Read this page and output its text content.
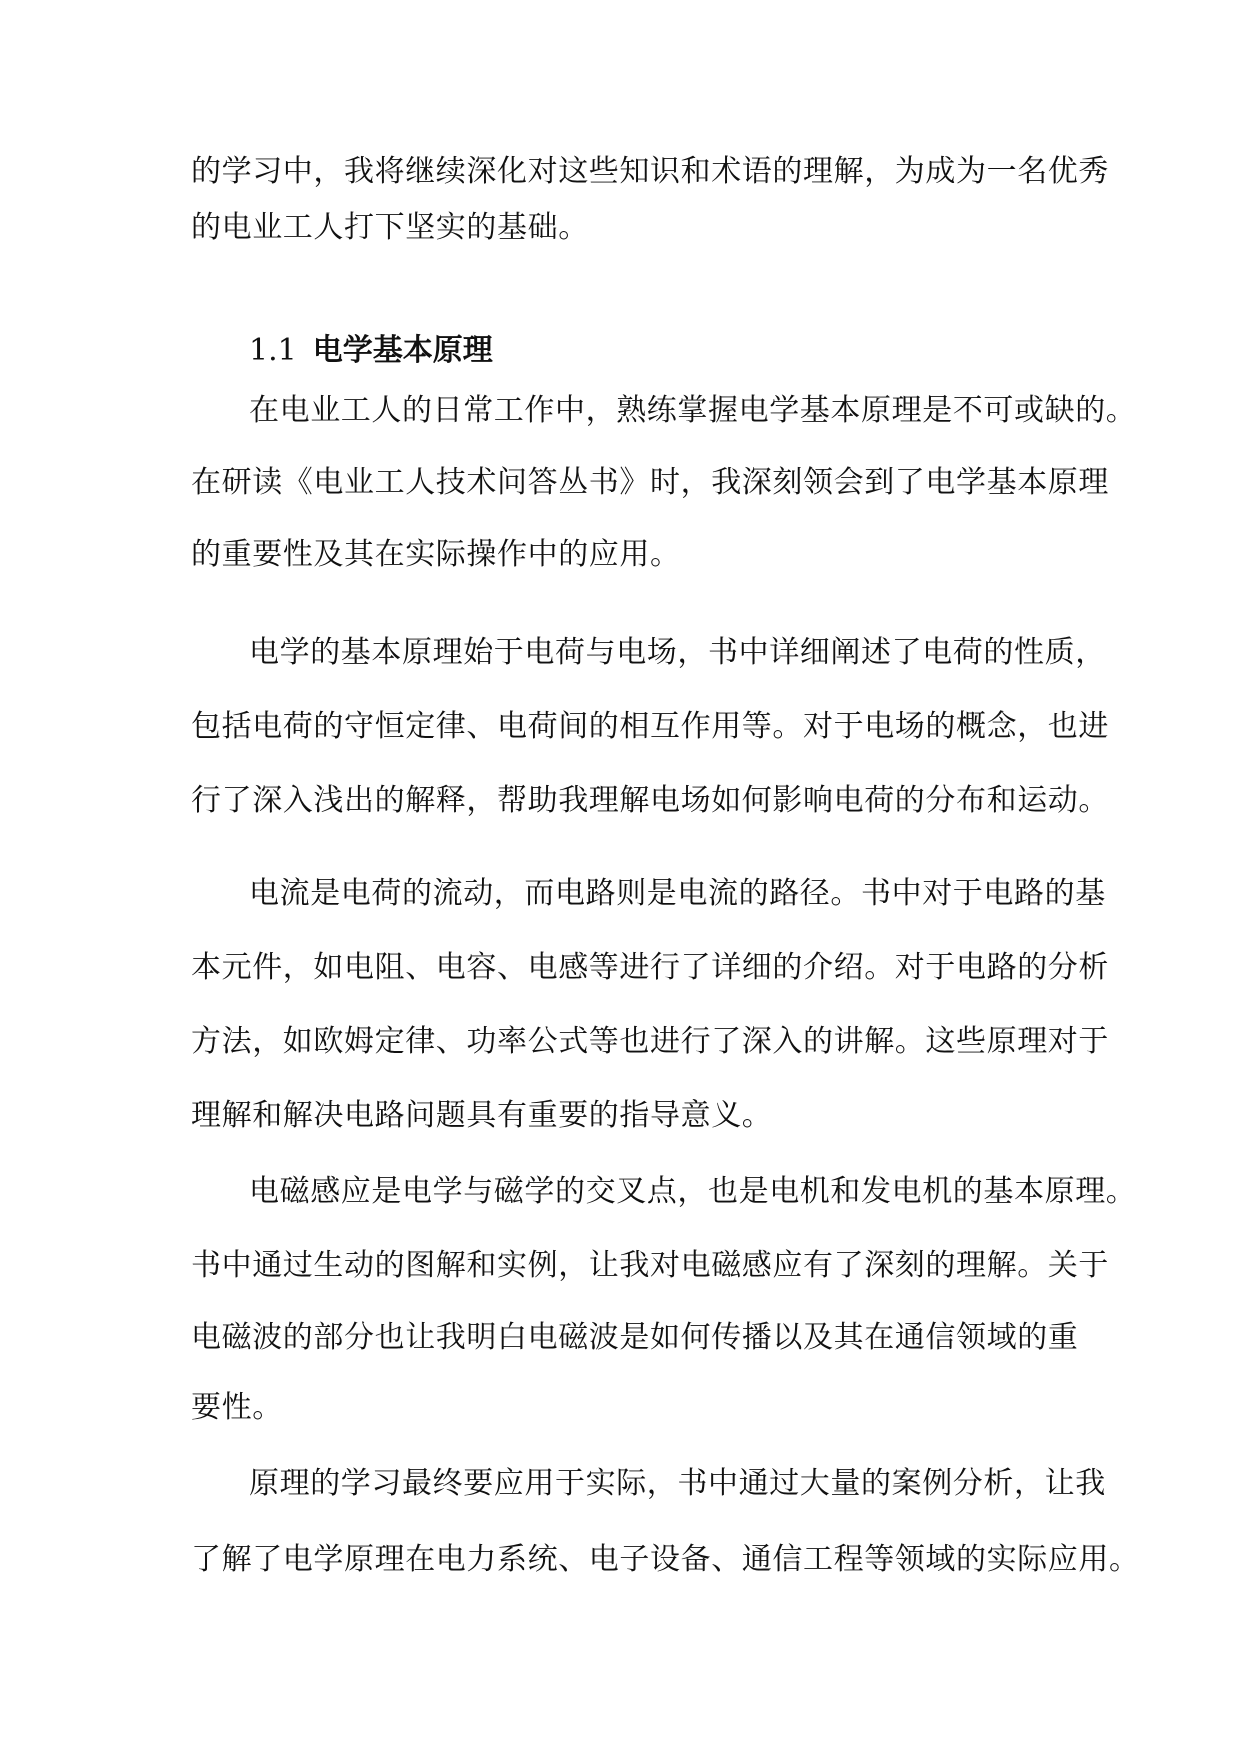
的学习中，我将继续深化对这些知识和术语的理解，为成为一名优秀
的电业工人打下坚实的基础。
1.1 电学基本原理
在电业工人的日常工作中，熟练掌握电学基本原理是不可或缺的。
在研读《电业工人技术问答丛书》时，我深刻领会到了电学基本原理
的重要性及其在实际操作中的应用。
电学的基本原理始于电荷与电场，书中详细阐述了电荷的性质，
包括电荷的守恒定律、电荷间的相互作用等。对于电场的概念，也进
行了深入浅出的解释，帮助我理解电场如何影响电荷的分布和运动。
电流是电荷的流动，而电路则是电流的路径。书中对于电路的基
本元件，如电阻、电容、电感等进行了详细的介绍。对于电路的分析
方法，如欧姆定律、功率公式等也进行了深入的讲解。这些原理对于
理解和解决电路问题具有重要的指导意义。
电磁感应是电学与磁学的交叉点，也是电机和发电机的基本原理。
书中通过生动的图解和实例，让我对电磁感应有了深刻的理解。关于
电磁波的部分也让我明白电磁波是如何传播以及其在通信领域的重
要性。
原理的学习最终要应用于实际，书中通过大量的案例分析，让我
了解了电学原理在电力系统、电子设备、通信工程等领域的实际应用。
